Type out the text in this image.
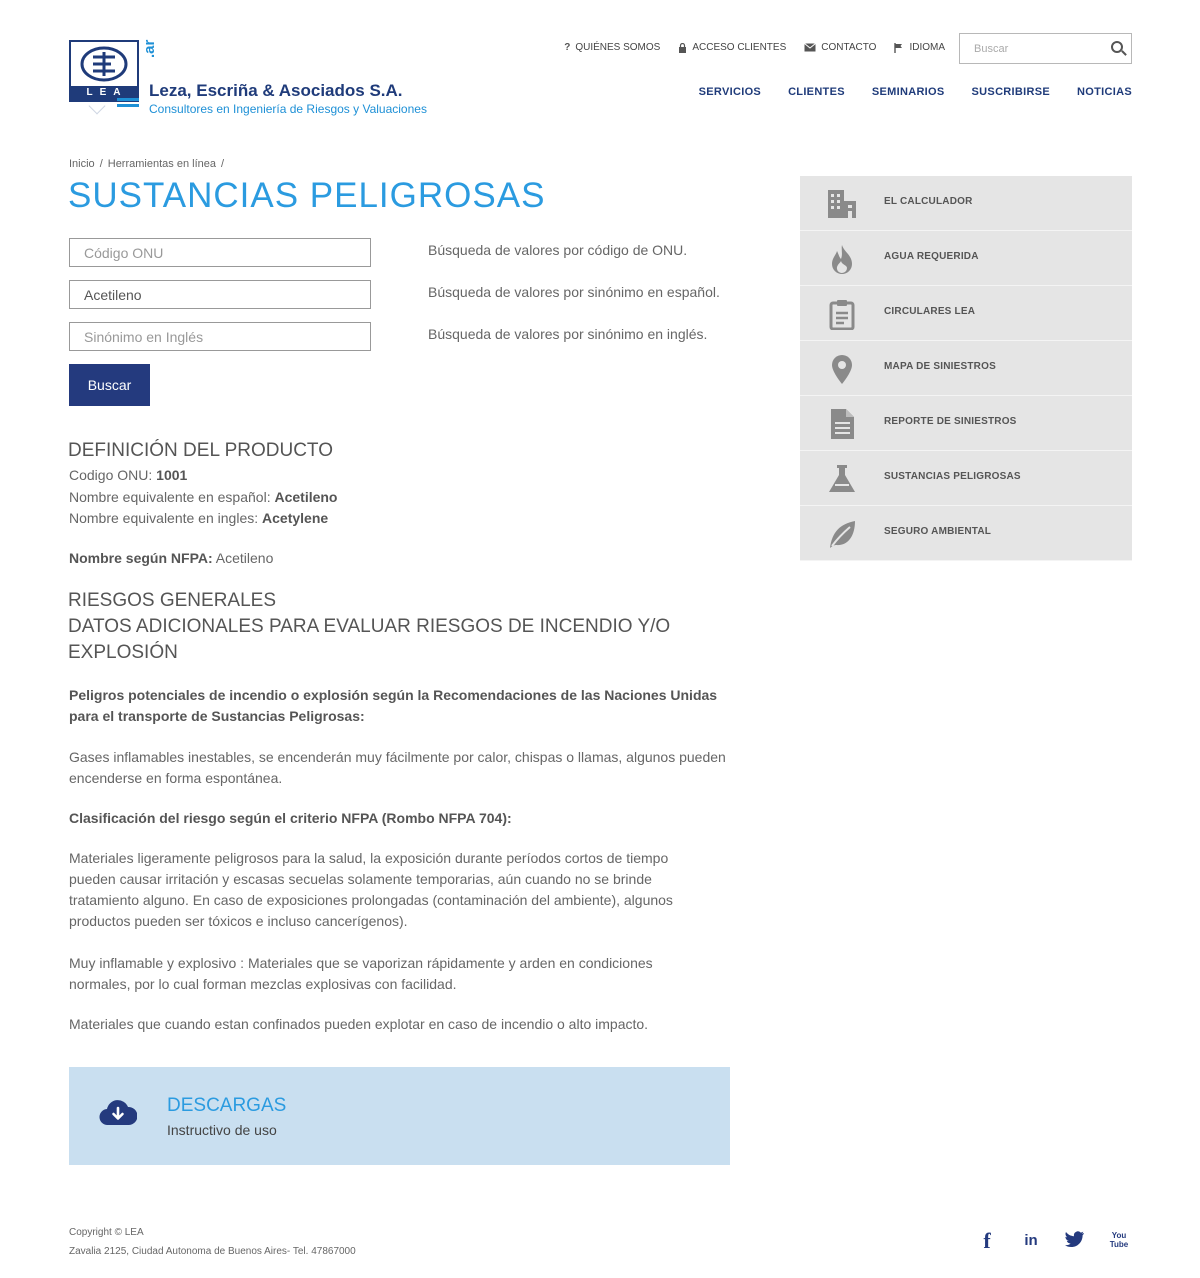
LEA
.ar
Leza, Escriña & Asociados S.A.
Consultores en Ingeniería de Riesgos y Valuaciones
? QUIÉNES SOMOS	ACCESO CLIENTES	CONTACTO	IDIOMA
Buscar
SERVICIOS CLIENTES SEMINARIOS SUSCRIBIRSE NOTICIAS
Inicio / Herramientas en línea /
SUSTANCIAS PELIGROSAS
Código ONU
Búsqueda de valores por código de ONU.
Acetileno
Búsqueda de valores por sinónimo en español.
Sinónimo en Inglés
Búsqueda de valores por sinónimo en inglés.
Buscar
DEFINICIÓN DEL PRODUCTO
Codigo ONU: 1001
Nombre equivalente en español: Acetileno
Nombre equivalente en ingles: Acetylene
Nombre según NFPA: Acetileno
RIESGOS GENERALES
DATOS ADICIONALES PARA EVALUAR RIESGOS DE INCENDIO Y/O EXPLOSIÓN

Peligros potenciales de incendio o explosión según la Recomendaciones de las Naciones Unidas para el transporte de Sustancias Peligrosas:

Gases inflamables inestables, se encenderán muy fácilmente por calor, chispas o llamas, algunos pueden encenderse en forma espontánea.

Clasificación del riesgo según el criterio NFPA (Rombo NFPA 704):

Materiales ligeramente peligrosos para la salud, la exposición durante períodos cortos de tiempo pueden causar irritación y escasas secuelas solamente temporarias, aún cuando no se brinde tratamiento alguno. En caso de exposiciones prolongadas (contaminación del ambiente), algunos productos pueden ser tóxicos e incluso cancerígenos).

Muy inflamable y explosivo : Materiales que se vaporizan rápidamente y arden en condiciones normales, por lo cual forman mezclas explosivas con facilidad.

Materiales que cuando estan confinados pueden explotar en caso de incendio o alto impacto.

DESCARGAS
Instructivo de uso
EL CALCULADOR
AGUA REQUERIDA
CIRCULARES LEA
MAPA DE SINIESTROS
REPORTE DE SINIESTROS
SUSTANCIAS PELIGROSAS
SEGURO AMBIENTAL
Copyright © LEA
Zavalia 2125, Ciudad Autonoma de Buenos Aires- Tel. 47867000	f	in	You Tube
